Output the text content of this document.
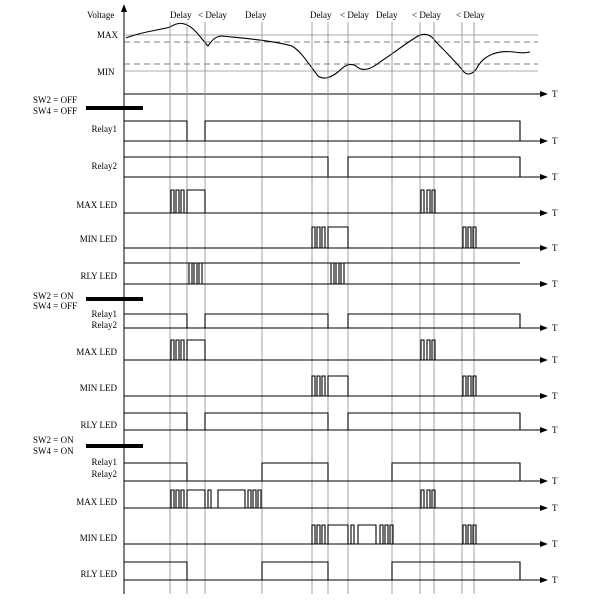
Voltage
MAX
MIN
T
Delay < Delay Delay	Delay < Delay Delay < Delay < Delay
SW2 = OFF
SW4 = OFF
Relay1
T
Relay2
T
MAX LED
T
MIN LED
T
RLY LED
T
SW2 = ON
SW4 = OFF
Relay1
Relay2	T
MAX LED
T
MIN LED
T
RLY LED	T
SW2 = ON
SW4 = ON
Relay1
Relay2
T
MAX LED
T
MIN LED
T
RLY LED
T
